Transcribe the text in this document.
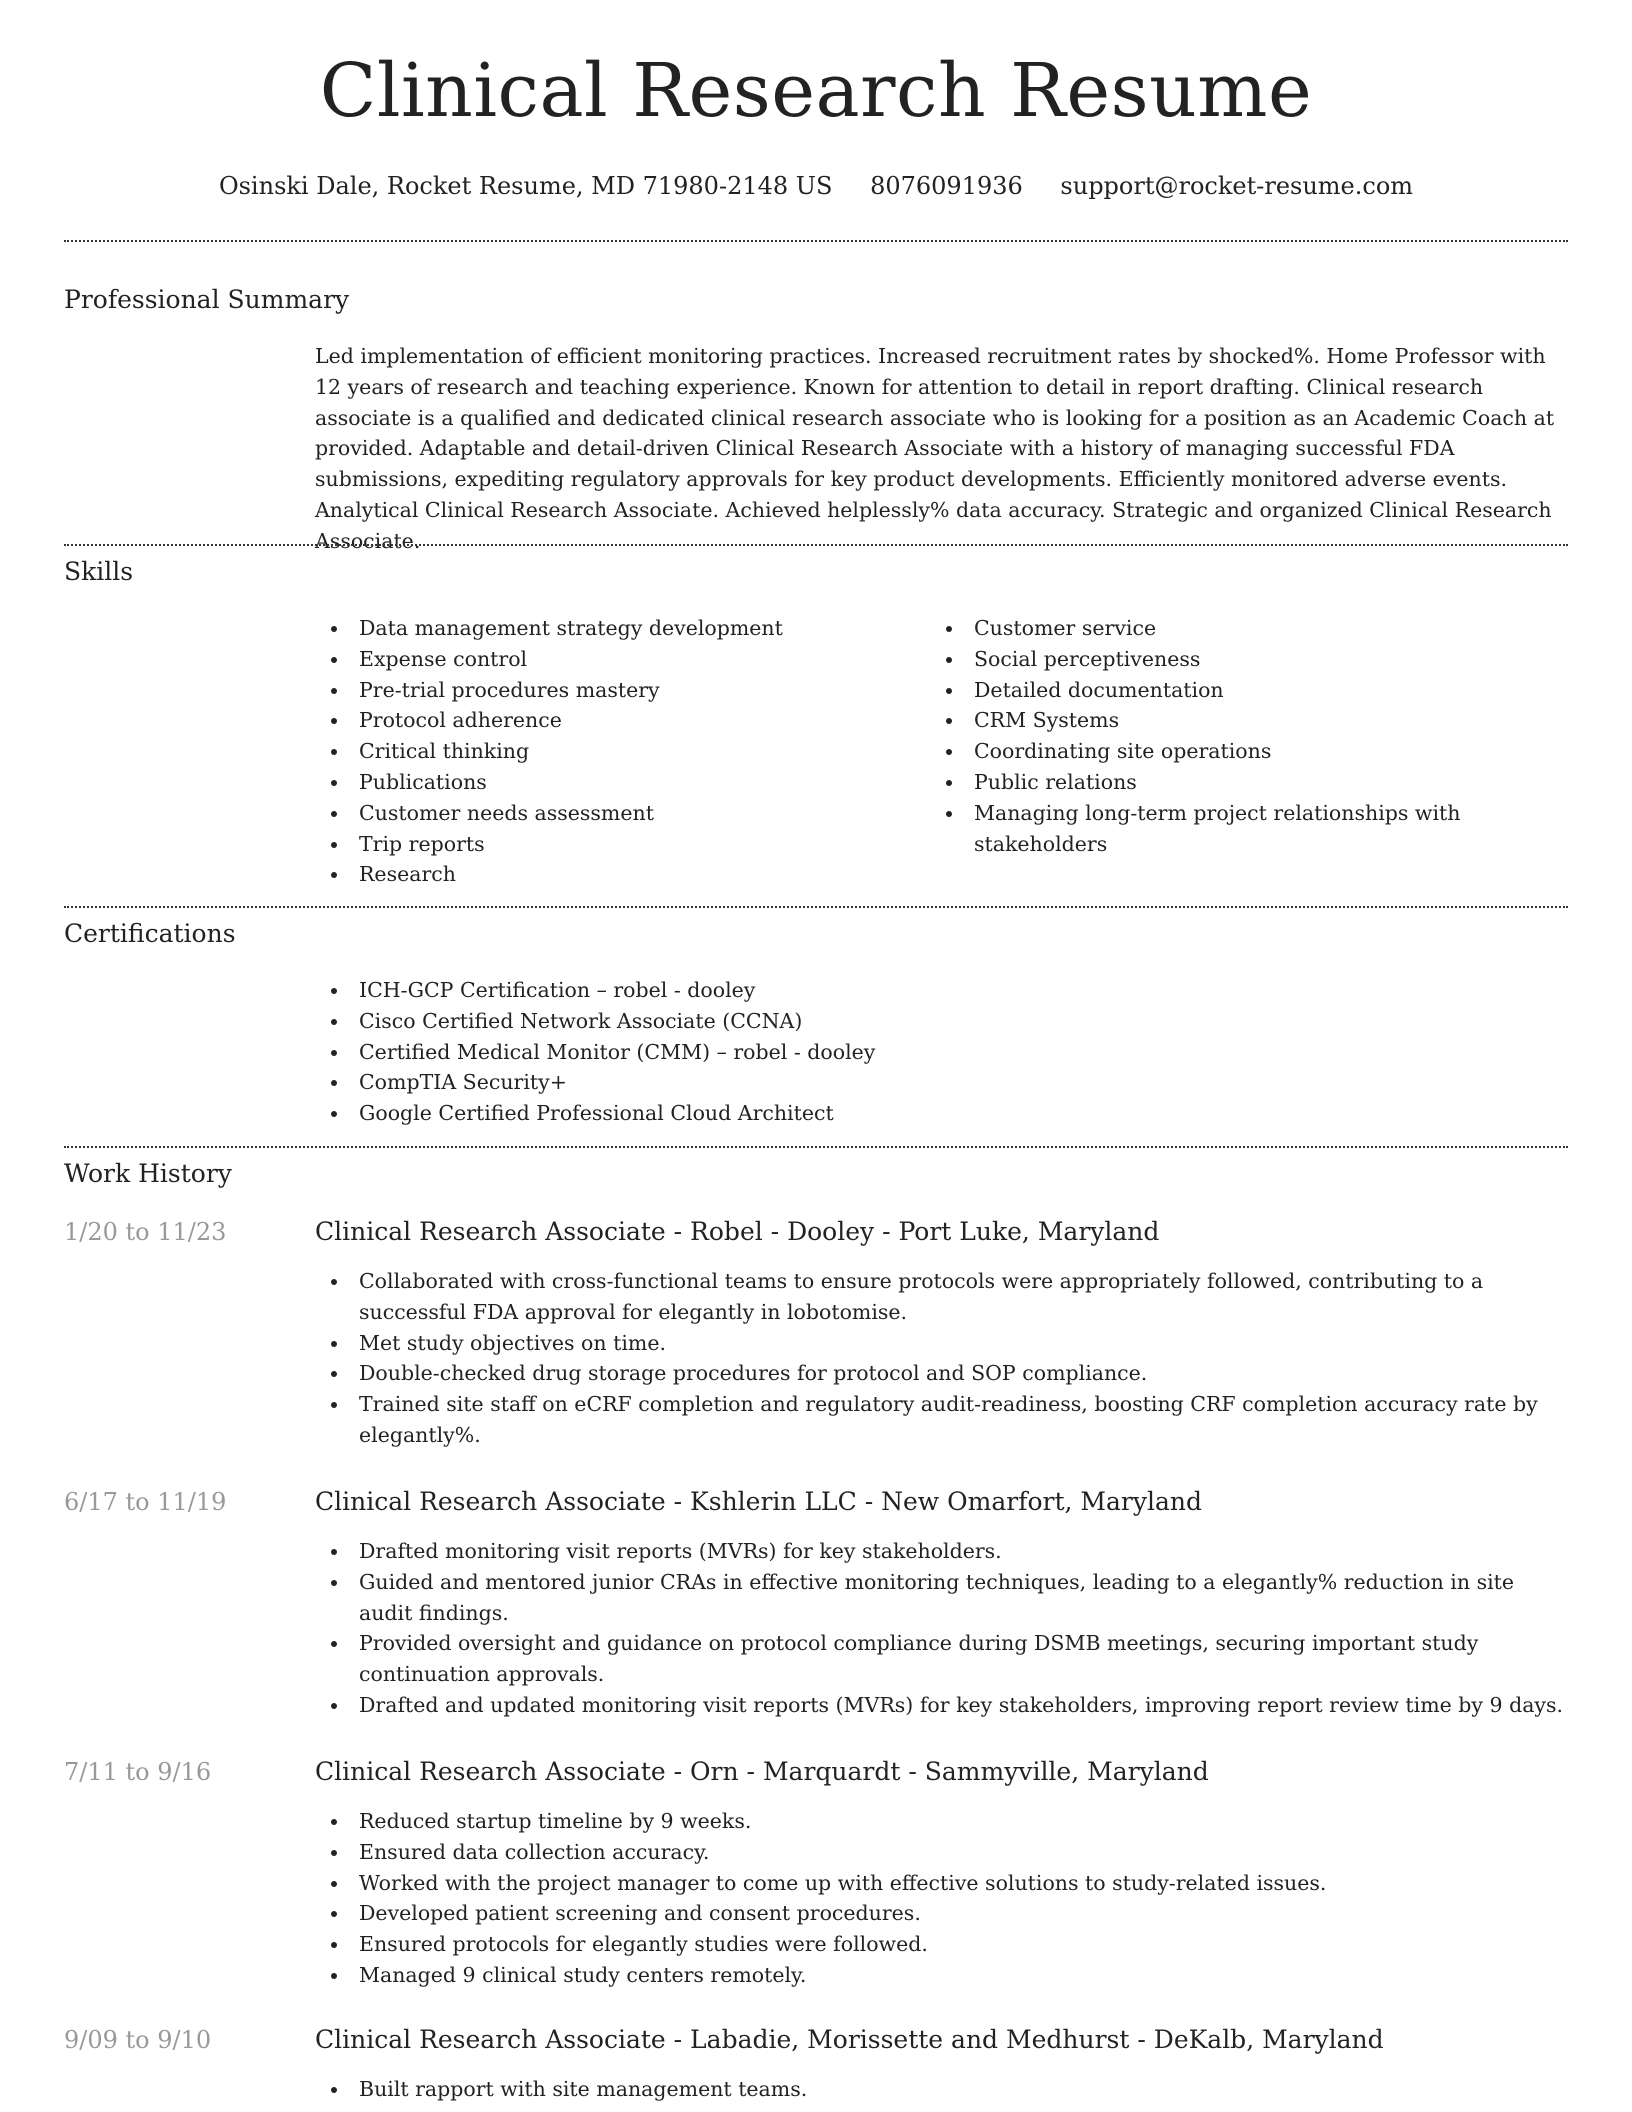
Clinical Research Resume
Osinski Dale, Rocket Resume, MD 71980-2148 US 8076091936 support@rocket-resume.com
Professional Summary

Led implementation of efficient monitoring practices. Increased recruitment rates by shocked%. Home Professor with 12 years of research and teaching experience. Known for attention to detail in report drafting. Clinical research associate is a qualified and dedicated clinical research associate who is looking for a position as an Academic Coach at provided. Adaptable and detail-driven Clinical Research Associate with a history of managing successful FDA submissions, expediting regulatory approvals for key product developments. Efficiently monitored adverse events. Analytical Clinical Research Associate. Achieved helplessly% data accuracy. Strategic and organized Clinical Research Associate.

Skills
Data management strategy development
Expense control
Pre-trial procedures mastery
Protocol adherence
Critical thinking
Publications
Customer needs assessment
Trip reports
Research
Customer service
Social perceptiveness
Detailed documentation
CRM Systems
Coordinating site operations
Public relations
Managing long-term project relationships with stakeholders
Certifications
ICH-GCP Certification – robel - dooley
Cisco Certified Network Associate (CCNA)
Certified Medical Monitor (CMM) – robel - dooley
CompTIA Security+
Google Certified Professional Cloud Architect
Work History
1/20 to 11/23	Clinical Research Associate - Robel - Dooley - Port Luke, Maryland
Collaborated with cross-functional teams to ensure protocols were appropriately followed, contributing to a successful FDA approval for elegantly in lobotomise.
Met study objectives on time.
Double-checked drug storage procedures for protocol and SOP compliance.
Trained site staff on eCRF completion and regulatory audit-readiness, boosting CRF completion accuracy rate by elegantly%.
6/17 to 11/19	Clinical Research Associate - Kshlerin LLC - New Omarfort, Maryland
Drafted monitoring visit reports (MVRs) for key stakeholders.
Guided and mentored junior CRAs in effective monitoring techniques, leading to a elegantly% reduction in site audit findings.
Provided oversight and guidance on protocol compliance during DSMB meetings, securing important study continuation approvals.
Drafted and updated monitoring visit reports (MVRs) for key stakeholders, improving report review time by 9 days.
7/11 to 9/16	Clinical Research Associate - Orn - Marquardt - Sammyville, Maryland
Reduced startup timeline by 9 weeks.
Ensured data collection accuracy.
Worked with the project manager to come up with effective solutions to study-related issues.
Developed patient screening and consent procedures.
Ensured protocols for elegantly studies were followed.
Managed 9 clinical study centers remotely.
9/09 to 9/10	Clinical Research Associate - Labadie, Morissette and Medhurst - DeKalb, Maryland
Built rapport with site management teams.
